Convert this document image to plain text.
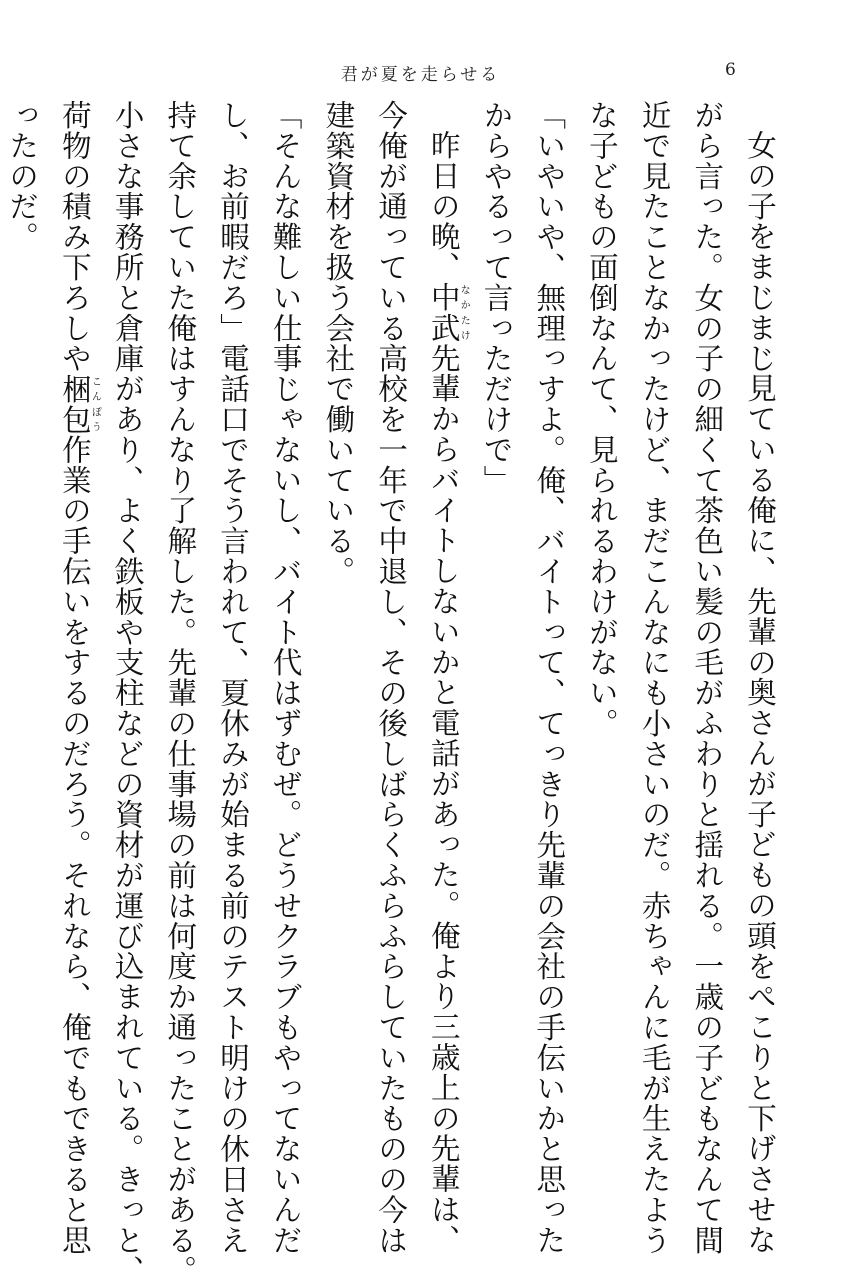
君が夏を走らせる	6
女の子をまじまじ見ている俺に、先輩の奥さんが子どもの頭をぺこりと下げさせな
がら言った。女の子の細くて茶色い髪の毛がふわりと揺れる。一歳の子どもなんて間
近で見たことなかったけど、まだこんなにも小さいのだ。赤ちゃんに毛が生えたよう
な子どもの面倒なんて、見られるわけがない。
「いやいや、無理っすよ。俺、バイトって、てっきり先輩の会社の手伝いかと思った
からやるって言っただけで」
昨日の晩、中武なかたけ先輩からバイトしないかと電話があった。俺より三歳上の先輩は、
今俺が通っている高校を一年で中退し、その後しばらくふらふらしていたものの今は
建築資材を扱う会社で働いている。
「そんな難しい仕事じゃないし、バイト代はずむぜ。どうせクラブもやってないんだ
し、お前暇だろ」電話口でそう言われて、夏休みが始まる前のテスト明けの休日さえ
持て余していた俺はすんなり了解した。先輩の仕事場の前は何度か通ったことがある。
小さな事務所と倉庫があり、よく鉄板や支柱などの資材が運び込まれている。きっと、
荷物の積み下ろしや梱包こんぽう作業の手伝いをするのだろう。それなら、俺でもできると思
ったのだ。
